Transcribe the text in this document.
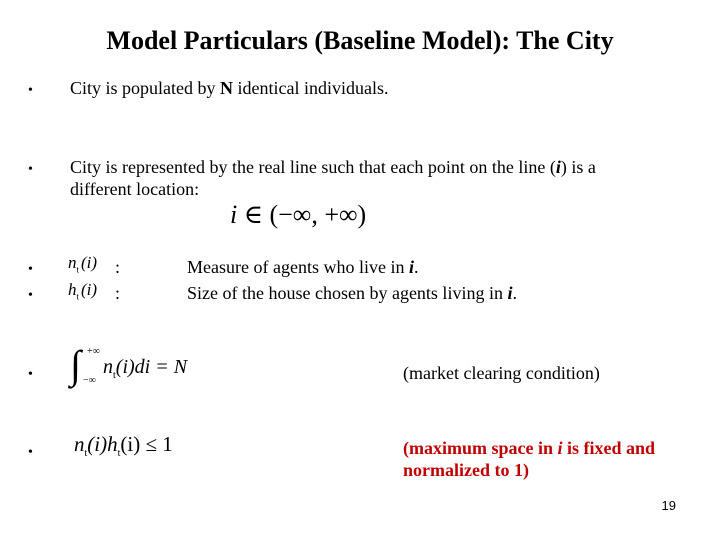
Model Particulars (Baseline Model): The City
• City is populated by N identical individuals.
• City is represented by the real line such that each point on the line (i) is a
different location:
i ∈ (−∞, +∞)
• $n_t$ (i) :	Measure of agents who live in i.
• $h_t$ (i) :	Size of the house chosen by agents living in i.
• ∫ +∞
−∞
$n_t(i)di = N$	(market clearing condition)
• $n_t(i)h_t(i) \le 1$	(maximum space in i is fixed and
normalized to 1)
19
